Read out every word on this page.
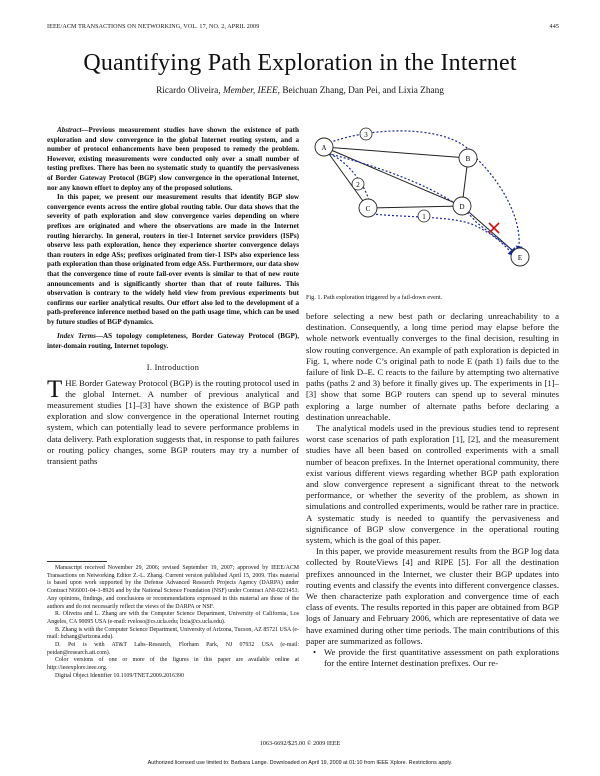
IEEE/ACM TRANSACTIONS ON NETWORKING, VOL. 17, NO. 2, APRIL 2009	445
Quantifying Path Exploration in the Internet
Ricardo Oliveira, Member, IEEE, Beichuan Zhang, Dan Pei, and Lixia Zhang

Abstract—Previous measurement studies have shown the existence of path exploration and slow convergence in the global Internet routing system, and a number of protocol enhancements have been proposed to remedy the problem. However, existing measurements were conducted only over a small number of testing prefixes. There has been no systematic study to quantify the pervasiveness of Border Gateway Protocol (BGP) slow convergence in the operational Internet, nor any known effort to deploy any of the proposed solutions.

In this paper, we present our measurement results that identify BGP slow convergence events across the entire global routing table. Our data shows that the severity of path exploration and slow convergence varies depending on where prefixes are originated and where the observations are made in the Internet routing hierarchy. In general, routers in tier-1 Internet service providers (ISPs) observe less path exploration, hence they experience shorter convergence delays than routers in edge ASs; prefixes originated from tier-1 ISPs also experience less path exploration than those originated from edge ASs. Furthermore, our data show that the convergence time of route fail-over events is similar to that of new route announcements and is significantly shorter than that of route failures. This observation is contrary to the widely held view from previous experiments but confirms our earlier analytical results. Our effort also led to the development of a path-preference inference method based on the path usage time, which can be used by future studies of BGP dynamics.

Index Terms—AS topology completeness, Border Gateway Protocol (BGP), inter-domain routing, Internet topology.

I. Introduction

THE Border Gateway Protocol (BGP) is the routing protocol used in the global Internet. A number of previous analytical and measurement studies [1]–[3] have shown the existence of BGP path exploration and slow convergence in the operational Internet routing system, which can potentially lead to severe performance problems in data delivery. Path exploration suggests that, in response to path failures or routing policy changes, some BGP routers may try a number of transient paths

Manuscript received November 29, 2006; revised September 19, 2007; approved by IEEE/ACM Transactions on Networking Editor Z.-L. Zhang. Current version published April 15, 2009. This material is based upon work supported by the Defense Advanced Research Projects Agency (DARPA) under Contract N66001-04-1-8926 and by the National Science Foundation (NSF) under Contract ANI-0221453. Any opinions, findings, and conclusions or recommendations expressed in this material are those of the authors and do not necessarily reflect the views of the DARPA or NSF.

R. Oliveira and L. Zhang are with the Computer Science Department, University of California, Los Angeles, CA 90095 USA (e-mail: rveloso@cs.ucla.edu; lixia@cs.ucla.edu).

B. Zhang is with the Computer Science Department, University of Arizona, Tucson, AZ 85721 USA (e-mail: bzhang@arizona.edu).

D. Pei is with AT&T Labs–Research, Florham Park, NJ 07932 USA (e-mail: peidan@research.att.com).

Color versions of one or more of the figures in this paper are available online at http://ieeexplore.ieee.org.

Digital Object Identifier 10.1109/TNET.2009.2016390

A
B
C	D
E
1
2
3
Fig. 1. Path exploration triggered by a fail-down event.

before selecting a new best path or declaring unreachability to a destination. Consequently, a long time period may elapse before the whole network eventually converges to the final decision, resulting in slow routing convergence. An example of path exploration is depicted in Fig. 1, where node C’s original path to node E (path 1) fails due to the failure of link D–E. C reacts to the failure by attempting two alternative paths (paths 2 and 3) before it finally gives up. The experiments in [1]–[3] show that some BGP routers can spend up to several minutes exploring a large number of alternate paths before declaring a destination unreachable.

The analytical models used in the previous studies tend to represent worst case scenarios of path exploration [1], [2], and the measurement studies have all been based on controlled experiments with a small number of beacon prefixes. In the Internet operational community, there exist various different views regarding whether BGP path exploration and slow convergence represent a significant threat to the network performance, or whether the severity of the problem, as shown in simulations and controlled experiments, would be rather rare in practice. A systematic study is needed to quantify the pervasiveness and significance of BGP slow convergence in the operational routing system, which is the goal of this paper.

In this paper, we provide measurement results from the BGP log data collected by RouteViews [4] and RIPE [5]. For all the destination prefixes announced in the Internet, we cluster their BGP updates into routing events and classify the events into different convergence classes. We then characterize path exploration and convergence time of each class of events. The results reported in this paper are obtained from BGP logs of January and February 2006, which are representative of data we have examined during other time periods. The main contributions of this paper are summarized as follows.

• We provide the first quantitative assessment on path explorations for the entire Internet destination prefixes. Our re-

1063-6692/$25.00 © 2009 IEEE
Authorized licensed use limited to: Barbara Lange. Downloaded on April 19, 2009 at 01:10 from IEEE Xplore. Restrictions apply.
